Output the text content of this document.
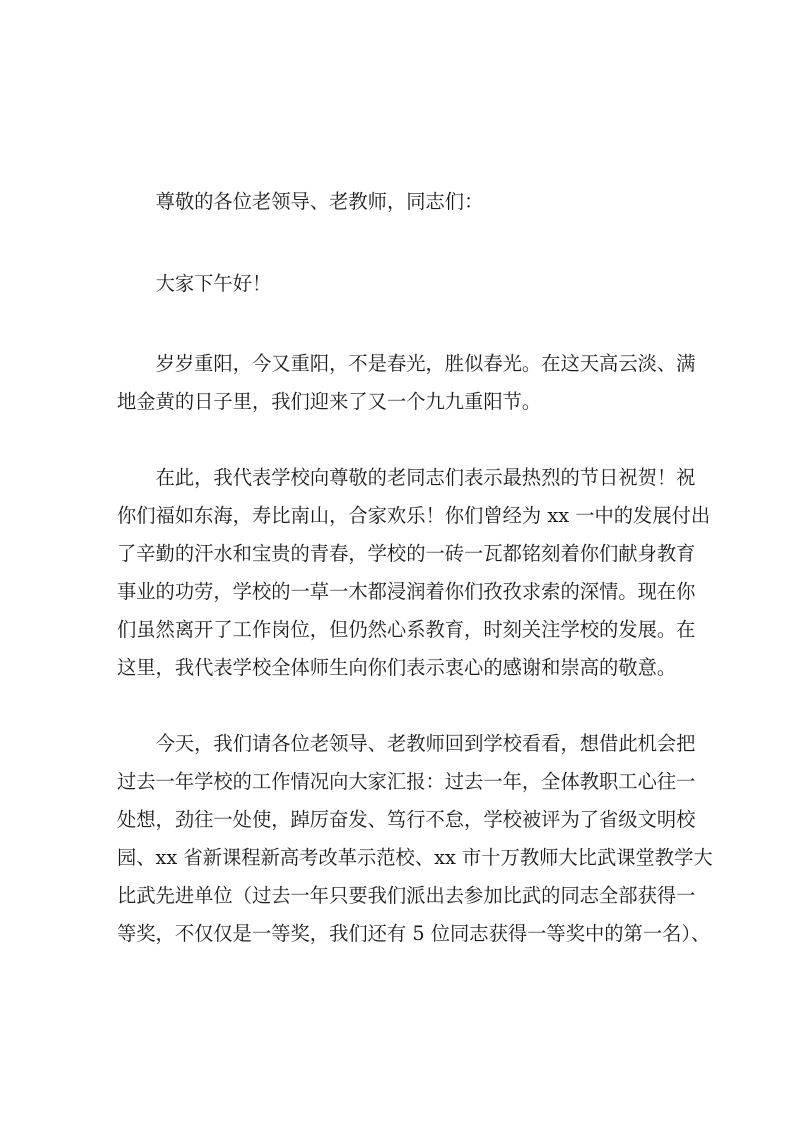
尊敬的各位老领导、老教师，同志们：

大家下午好！

岁岁重阳，今又重阳，不是春光，胜似春光。在这天高云淡、满
地金黄的日子里，我们迎来了又一个九九重阳节。

在此，我代表学校向尊敬的老同志们表示最热烈的节日祝贺！祝
你们福如东海，寿比南山，合家欢乐！你们曾经为 xx 一中的发展付出
了辛勤的汗水和宝贵的青春，学校的一砖一瓦都铭刻着你们献身教育
事业的功劳，学校的一草一木都浸润着你们孜孜求索的深情。现在你
们虽然离开了工作岗位，但仍然心系教育，时刻关注学校的发展。在
这里，我代表学校全体师生向你们表示衷心的感谢和崇高的敬意。

今天，我们请各位老领导、老教师回到学校看看，想借此机会把
过去一年学校的工作情况向大家汇报：过去一年，全体教职工心往一
处想，劲往一处使，踔厉奋发、笃行不怠，学校被评为了省级文明校
园、xx 省新课程新高考改革示范校、xx 市十万教师大比武课堂教学大
比武先进单位（过去一年只要我们派出去参加比武的同志全部获得一
等奖，不仅仅是一等奖，我们还有 5 位同志获得一等奖中的第一名）、
